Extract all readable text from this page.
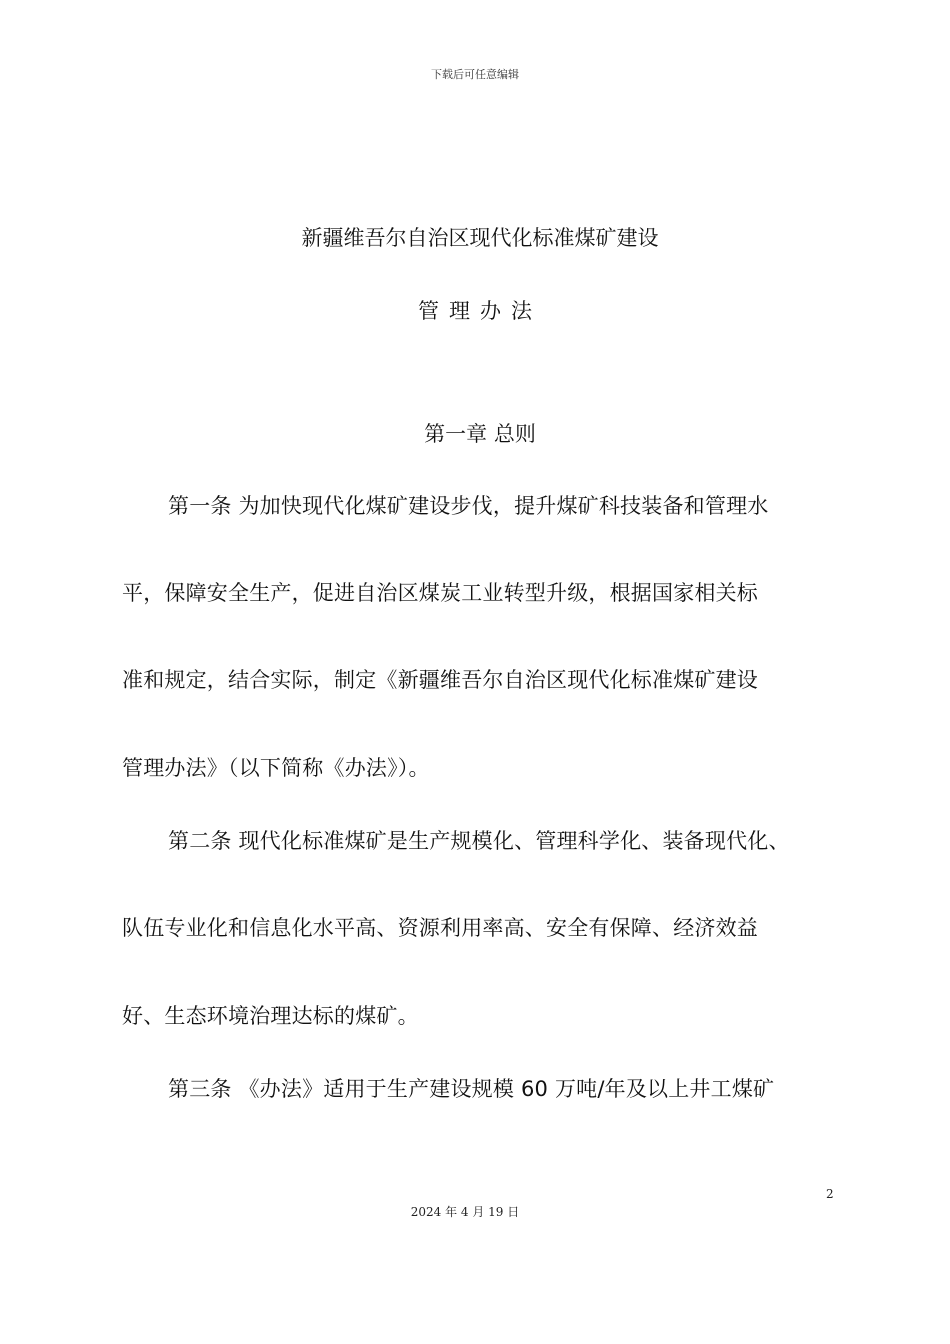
下载后可任意编辑
新疆维吾尔自治区现代化标准煤矿建设
管理办法
第一章 总则
第一条 为加快现代化煤矿建设步伐，提升煤矿科技装备和管理水
平，保障安全生产，促进自治区煤炭工业转型升级，根据国家相关标
准和规定，结合实际，制定《新疆维吾尔自治区现代化标准煤矿建设
管理办法》（以下简称《办法》）。
第二条 现代化标准煤矿是生产规模化、管理科学化、装备现代化、
队伍专业化和信息化水平高、资源利用率高、安全有保障、经济效益
好、生态环境治理达标的煤矿。
第三条 《办法》适用于生产建设规模 60 万吨/年及以上井工煤矿
2
2024 年 4 月 19 日
